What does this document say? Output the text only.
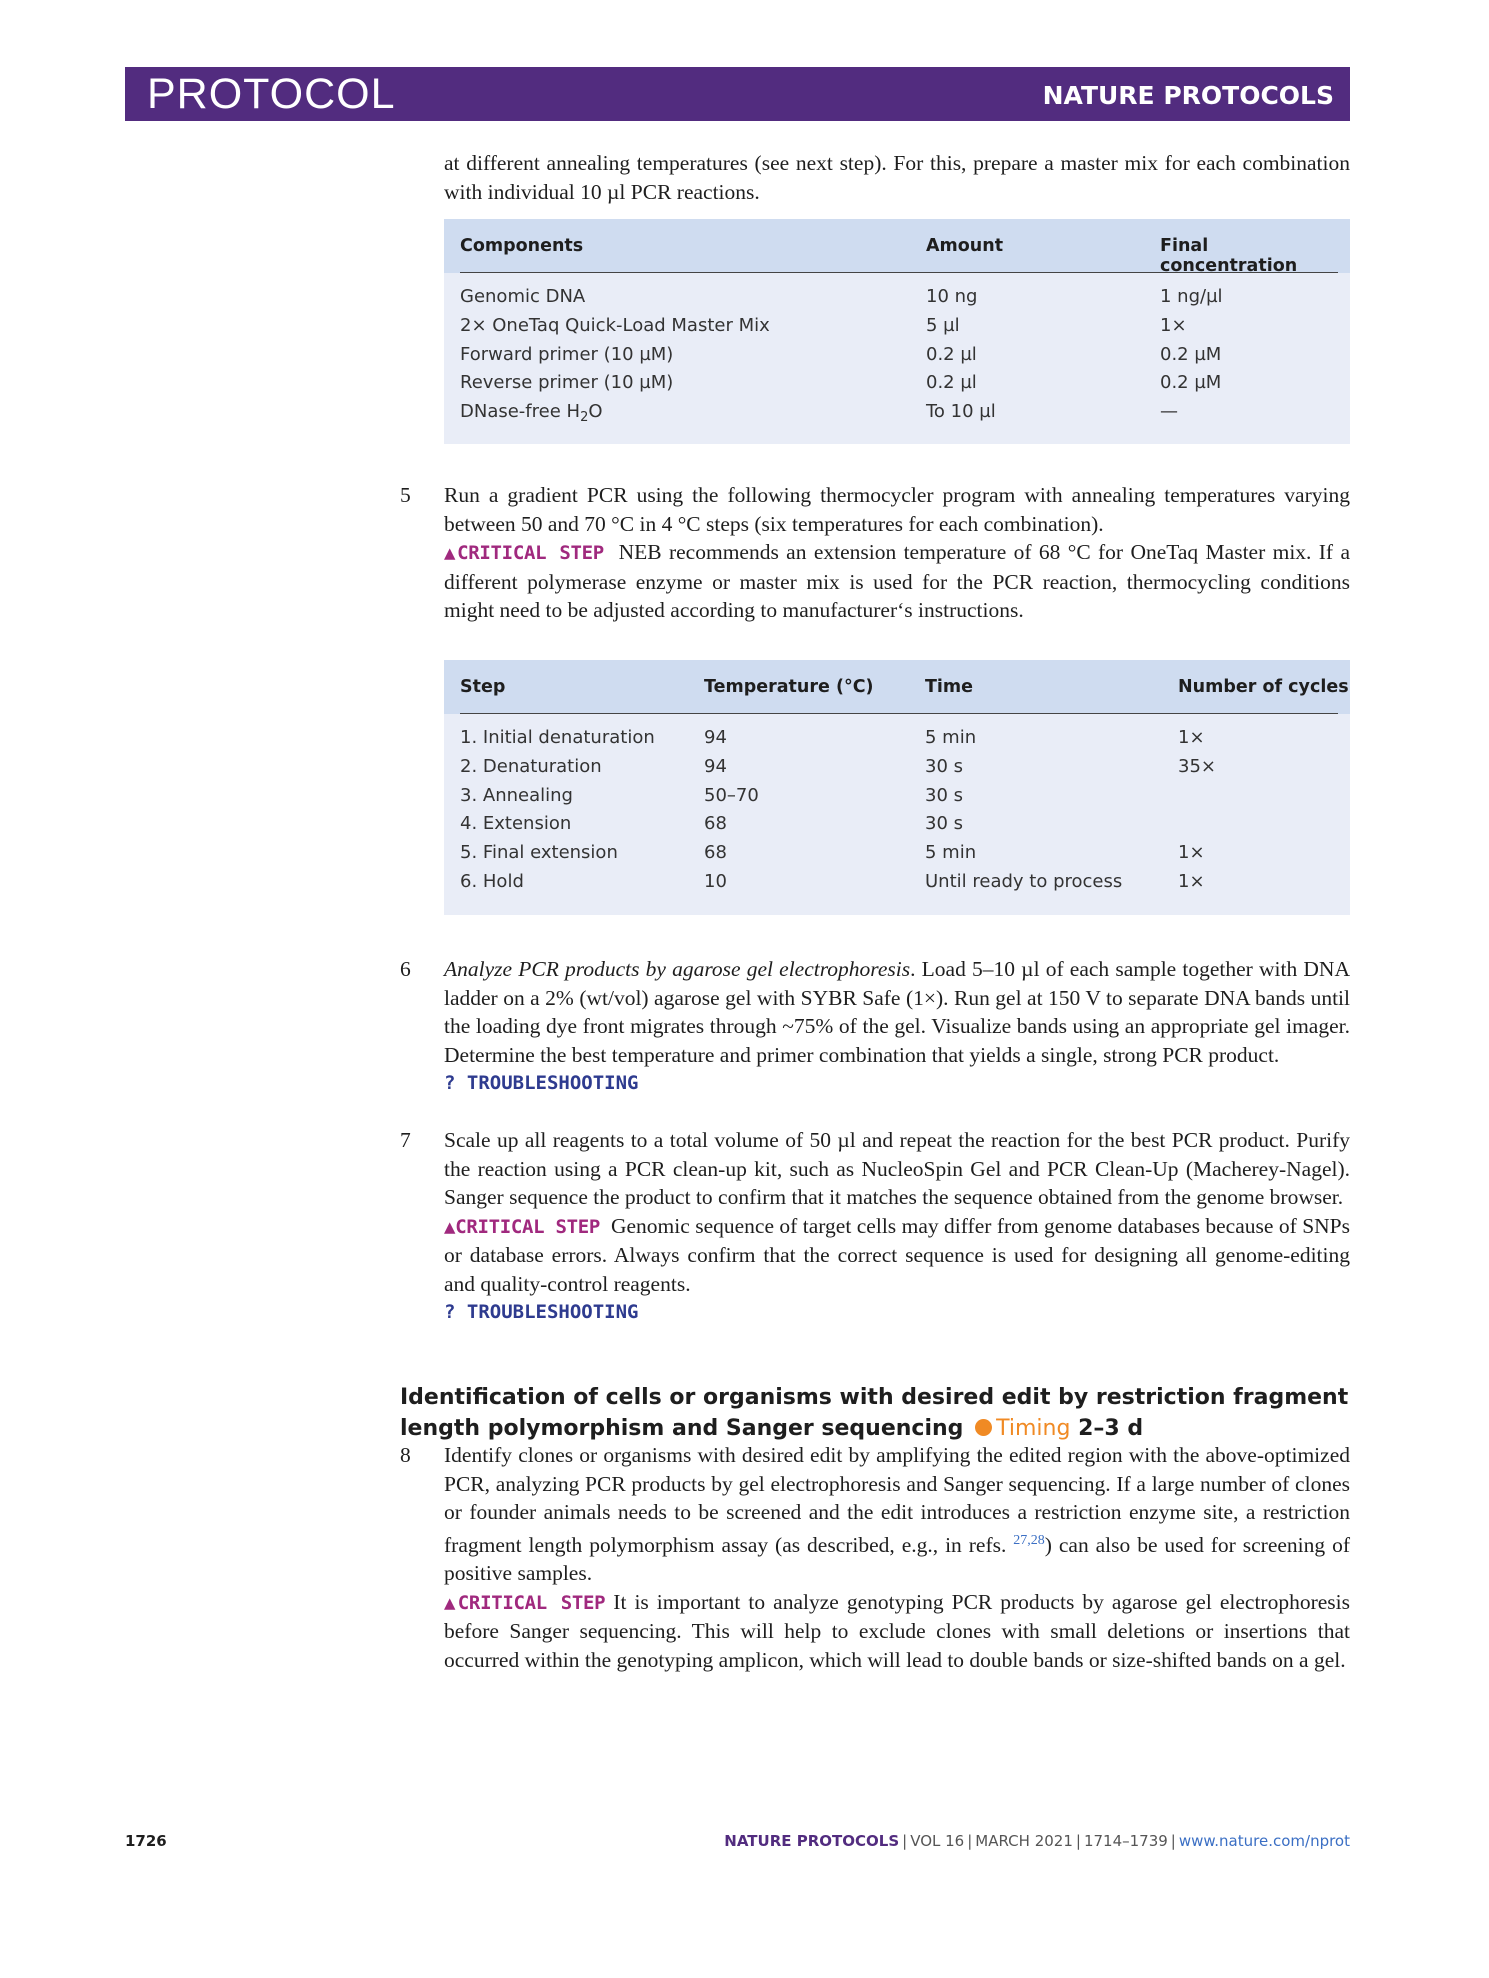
PROTOCOL	NATURE PROTOCOLS

at different annealing temperatures (see next step). For this, prepare a master mix for each combination with individual 10 µl PCR reactions.

Components	Amount	Final concentration
Genomic DNA	10 ng	1 ng/µl
2× OneTaq Quick-Load Master Mix	5 µl	1×
Forward primer (10 µM)	0.2 µl	0.2 µM
Reverse primer (10 µM)	0.2 µl	0.2 µM
DNase-free $H_2O$	To 10 µl	—
5 Run a gradient PCR using the following thermocycler program with annealing temperatures varying between 50 and 70 °C in 4 °C steps (six temperatures for each combination).

▲CRITICAL STEP NEB recommends an extension temperature of 68 °C for OneTaq Master mix. If a different polymerase enzyme or master mix is used for the PCR reaction, thermocycling conditions might need to be adjusted according to manufacturer‘s instructions.

Step	Temperature (°C)	Time	Number of cycles
1. Initial denaturation	94	5 min	1×
2. Denaturation	94	30 s	35×
3. Annealing	50–70	30 s
4. Extension	68	30 s
5. Final extension	68	5 min	1×
6. Hold	10	Until ready to process	1×
6 Analyze PCR products by agarose gel electrophoresis. Load 5–10 µl of each sample together with DNA ladder on a 2% (wt/vol) agarose gel with SYBR Safe (1×). Run gel at 150 V to separate DNA bands until the loading dye front migrates through ~75% of the gel. Visualize bands using an appropriate gel imager. Determine the best temperature and primer combination that yields a single, strong PCR product.

? TROUBLESHOOTING
7 Scale up all reagents to a total volume of 50 µl and repeat the reaction for the best PCR product. Purify the reaction using a PCR clean-up kit, such as NucleoSpin Gel and PCR Clean-Up (Macherey-Nagel). Sanger sequence the product to confirm that it matches the sequence obtained from the genome browser.

▲CRITICAL STEP Genomic sequence of target cells may differ from genome databases because of SNPs or database errors. Always confirm that the correct sequence is used for designing all genome-editing and quality-control reagents.

? TROUBLESHOOTING
Identification of cells or organisms with desired edit by restriction fragment length polymorphism and Sanger sequencing Timing 2–3 d
8 Identify clones or organisms with desired edit by amplifying the edited region with the above-optimized PCR, analyzing PCR products by gel electrophoresis and Sanger sequencing. If a large number of clones or founder animals needs to be screened and the edit introduces a restriction enzyme site, a restriction fragment length polymorphism assay (as described, e.g., in refs. $^{27,28}$) can also be used for screening of positive samples.

▲CRITICAL STEP It is important to analyze genotyping PCR products by agarose gel electrophoresis before Sanger sequencing. This will help to exclude clones with small deletions or insertions that occurred within the genotyping amplicon, which will lead to double bands or size-shifted bands on a gel.

1726	NATURE PROTOCOLS | VOL 16 | MARCH 2021 | 1714–1739 | www.nature.com/nprot
